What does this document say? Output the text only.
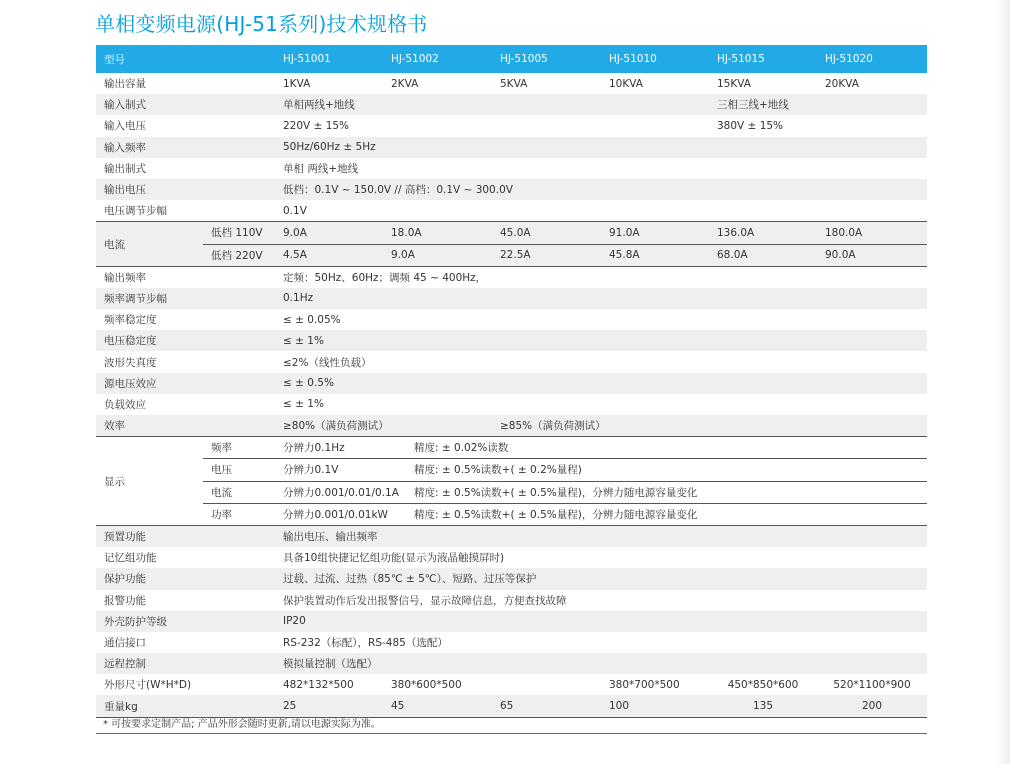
单相变频电源(HJ-51系列)技术规格书
型号		HJ-51001	HJ-51002	HJ-51005	HJ-51010	HJ-51015	HJ-51020
输出容量		1KVA	2KVA	5KVA	10KVA	15KVA	20KVA
输入制式		单相两线+地线				三相三线+地线	
输入电压		220V ± 15%				380V ± 15%	
输入频率		50Hz/60Hz ± 5Hz					
输出制式		单相 两线+地线					
输出电压		低档：0.1V ~ 150.0V // 高档：0.1V ~ 300.0V					
电压调节步幅		0.1V					
电流	低档 110V	9.0A	18.0A	45.0A	91.0A	136.0A	180.0A
	低档 220V	4.5A	9.0A	22.5A	45.8A	68.0A	90.0A
输出频率		定频：50Hz、60Hz；调频 45 ~ 400Hz，					
频率调节步幅		0.1Hz					
频率稳定度		≤ ± 0.05%					
电压稳定度		≤ ± 1%					
波形失真度		≤2%（线性负载）					
源电压效应		≤ ± 0.5%					
负载效应		≤ ± 1%					
效率		≥80%（满负荷测试）		≥85%（满负荷测试）			
显示	频率	分辨力0.1Hz	精度: ± 0.02%读数				
	电压	分辨力0.1V	精度: ± 0.5%读数+( ± 0.2%量程)				
	电流	分辨力0.001/0.01/0.1A	精度: ± 0.5%读数+( ± 0.5%量程)，分辨力随电源容量变化				
	功率	分辨力0.001/0.01kW	精度: ± 0.5%读数+( ± 0.5%量程)，分辨力随电源容量变化				
预置功能		输出电压、输出频率					
记忆组功能		具备10组快捷记忆组功能(显示为液晶触摸屏时)					
保护功能		过载、过流、过热（85℃ ± 5℃）、短路、过压等保护					
报警功能		保护装置动作后发出报警信号，显示故障信息，方便查找故障					
外壳防护等级		IP20					
通信接口		RS-232（标配），RS-485（选配）					
远程控制		模拟量控制（选配）					
外形尺寸(W*H*D)		482*132*500	380*600*500		380*700*500	450*850*600	520*1100*900
重量kg		25	45	65	100	135	200
* 可按要求定制产品; 产品外形会随时更新,请以电源实际为准。
